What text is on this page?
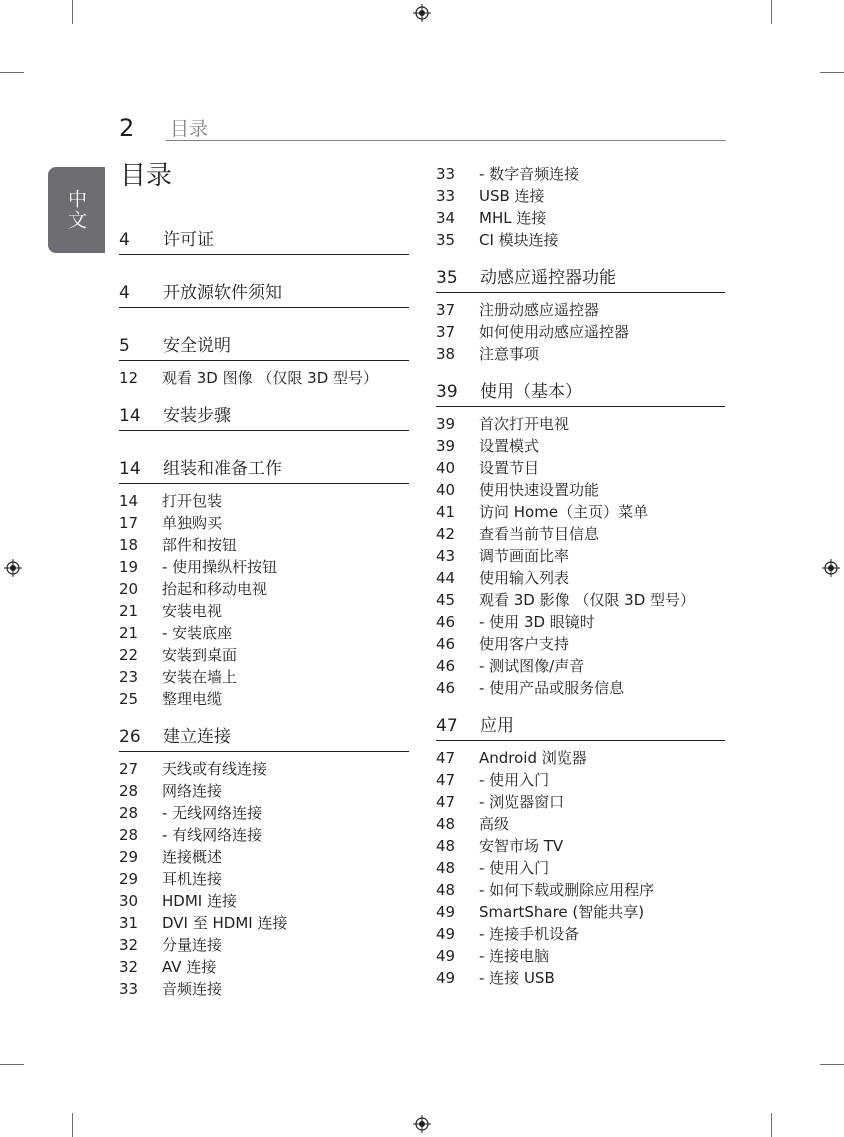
2 目录
中文
目录
4 许可证
4 开放源软件须知
5 安全说明
12 观看 3D 图像 （仅限 3D 型号）
14 安装步骤
14 组装和准备工作
14 打开包装
17 单独购买
18 部件和按钮
19 - 使用操纵杆按钮
20 抬起和移动电视
21 安装电视
21 - 安装底座
22 安装到桌面
23 安装在墙上
25 整理电缆
26 建立连接
27 天线或有线连接
28 网络连接
28 - 无线网络连接
28 - 有线网络连接
29 连接概述
29 耳机连接
30 HDMI 连接
31 DVI 至 HDMI 连接
32 分量连接
32 AV 连接
33 音频连接
33 - 数字音频连接
33 USB 连接
34 MHL 连接
35 CI 模块连接
35 动感应遥控器功能
37 注册动感应遥控器
37 如何使用动感应遥控器
38 注意事项
39 使用（基本）
39 首次打开电视
39 设置模式
40 设置节目
40 使用快速设置功能
41 访问 Home（主页）菜单
42 查看当前节目信息
43 调节画面比率
44 使用输入列表
45 观看 3D 影像 （仅限 3D 型号）
46 - 使用 3D 眼镜时
46 使用客户支持
46 - 测试图像/声音
46 - 使用产品或服务信息
47 应用
47 Android 浏览器
47 - 使用入门
47 - 浏览器窗口
48 高级
48 安智市场 TV
48 - 使用入门
48 - 如何下载或删除应用程序
49 SmartShare (智能共享)
49 - 连接手机设备
49 - 连接电脑
49 - 连接 USB
